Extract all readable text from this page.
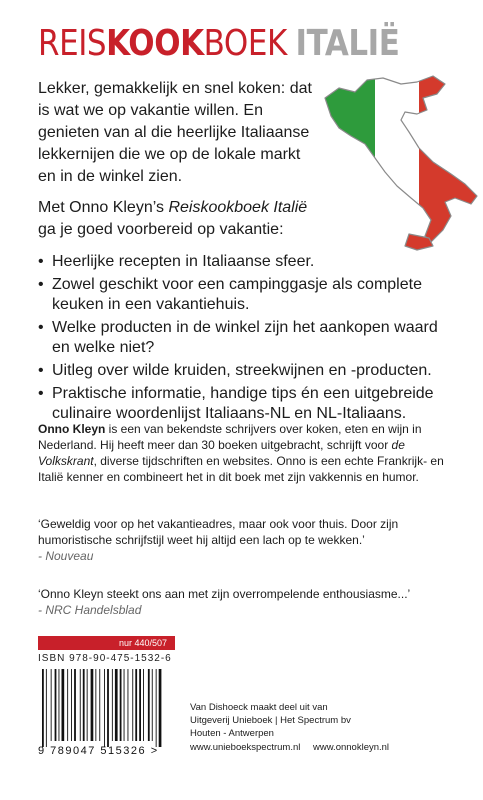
REISKOOKBOEK ITALIË

Lekker, gemakkelijk en snel koken: dat is wat we op vakantie willen. En genieten van al die heerlijke Italiaanse lekkernijen die we op de lokale markt en in de winkel zien.

Met Onno Kleyn’s Reiskookboek Italië ga je goed voorbereid op vakantie:

• Heerlijke recepten in Italiaanse sfeer.
• Zowel geschikt voor een campinggasje als complete keuken in een vakantiehuis.
• Welke producten in de winkel zijn het aankopen waard en welke niet?
• Uitleg over wilde kruiden, streekwijnen en -producten.
• Praktische informatie, handige tips én een uitgebreide culinaire woordenlijst Italiaans-NL en NL-Italiaans.
Onno Kleyn is een van bekendste schrijvers over koken, eten en wijn in Nederland. Hij heeft meer dan 30 boeken uitgebracht, schrijft voor de Volkskrant, diverse tijdschriften en websites. Onno is een echte Frankrijk- en Italië kenner en combineert het in dit boek met zijn vakkennis en humor.
‘Geweldig voor op het vakantieadres, maar ook voor thuis. Door zijn humoristische schrijfstijl weet hij altijd een lach op te wekken.’
- Nouveau
‘Onno Kleyn steekt ons aan met zijn overrompelende enthousiasme...’
- NRC Handelsblad
nur 440/507
ISBN 978-90-475-1532-6
9 789047 515326 >
Van Dishoeck maakt deel uit van
Uitgeverij Unieboek | Het Spectrum bv
Houten - Antwerpen
www.unieboekspectrum.nl www.onnokleyn.nl
